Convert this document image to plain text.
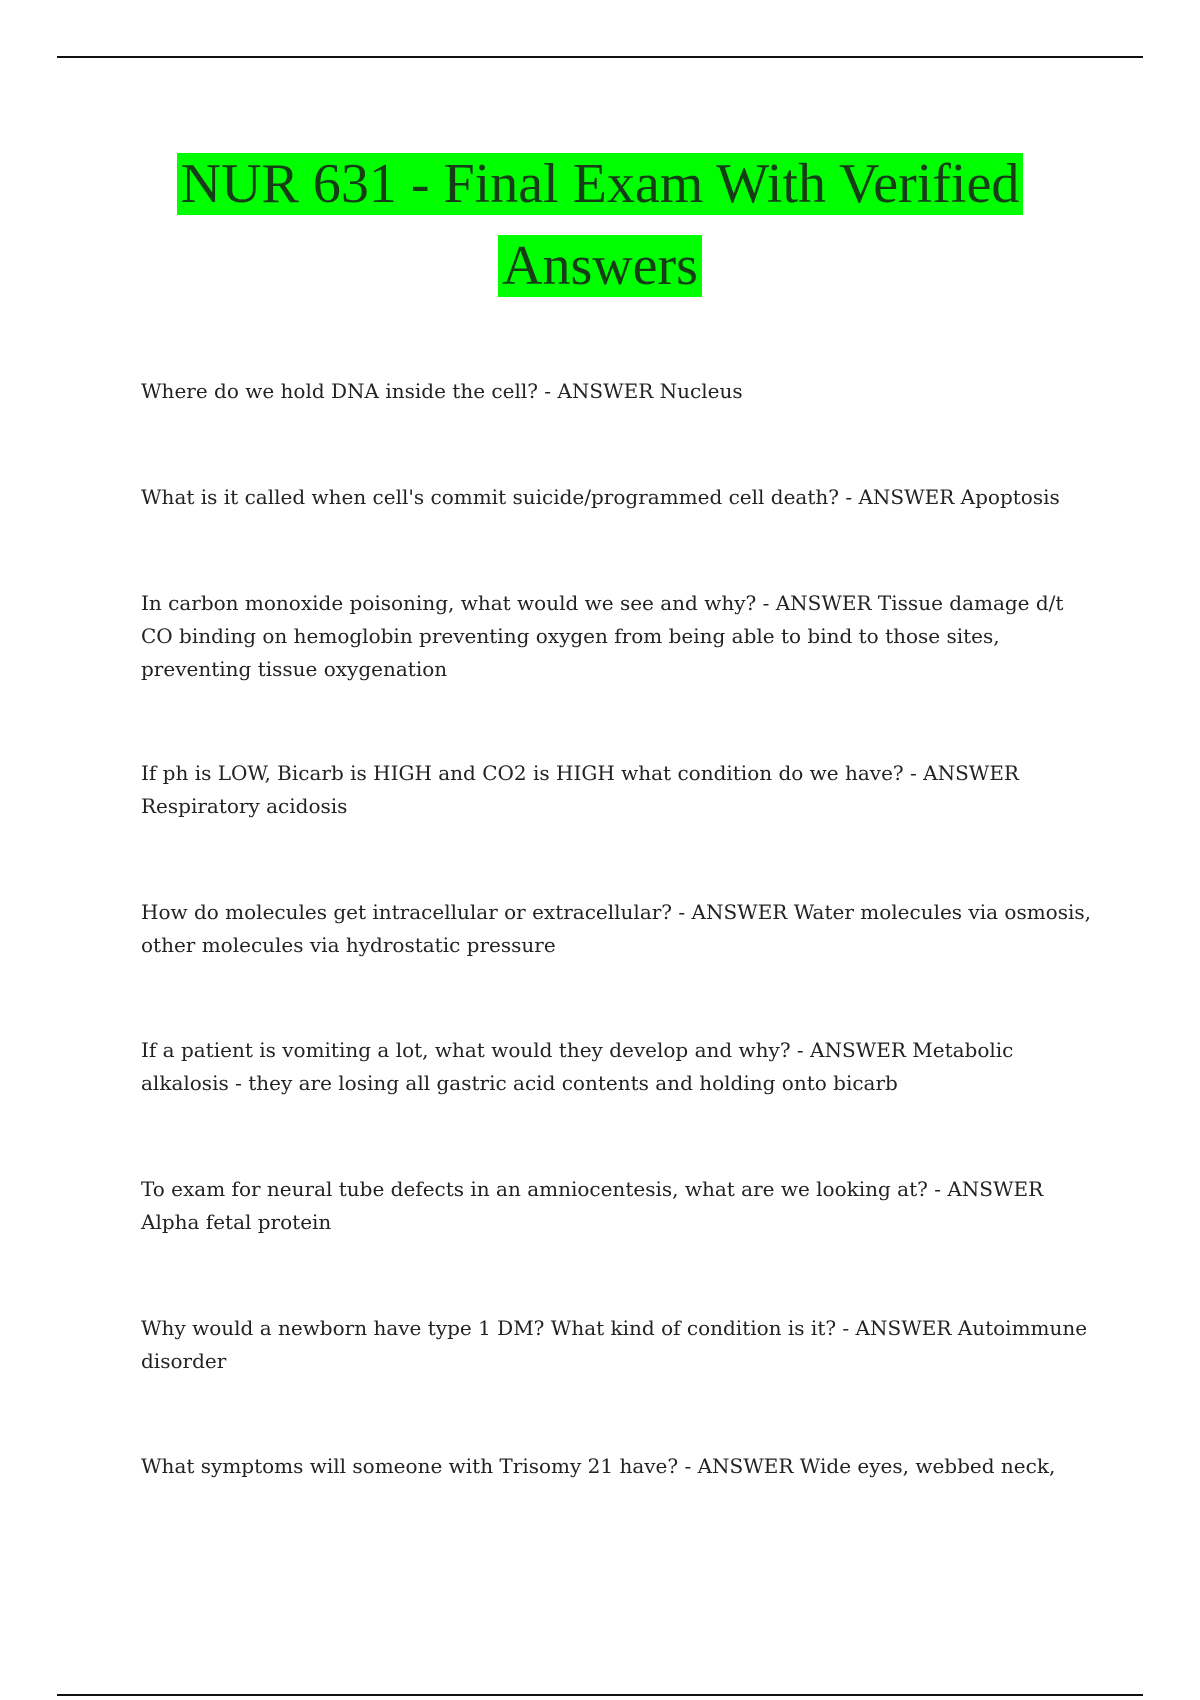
NUR 631 - Final Exam With Verified
Answers
Where do we hold DNA inside the cell? - ANSWER Nucleus
What is it called when cell's commit suicide/programmed cell death? - ANSWER Apoptosis
In carbon monoxide poisoning, what would we see and why? - ANSWER Tissue damage d/t CO binding on hemoglobin preventing oxygen from being able to bind to those sites, preventing tissue oxygenation
If ph is LOW, Bicarb is HIGH and CO2 is HIGH what condition do we have? - ANSWER Respiratory acidosis
How do molecules get intracellular or extracellular? - ANSWER Water molecules via osmosis, other molecules via hydrostatic pressure
If a patient is vomiting a lot, what would they develop and why? - ANSWER Metabolic alkalosis - they are losing all gastric acid contents and holding onto bicarb
To exam for neural tube defects in an amniocentesis, what are we looking at? - ANSWER Alpha fetal protein
Why would a newborn have type 1 DM? What kind of condition is it? - ANSWER Autoimmune disorder
What symptoms will someone with Trisomy 21 have? - ANSWER Wide eyes, webbed neck,
